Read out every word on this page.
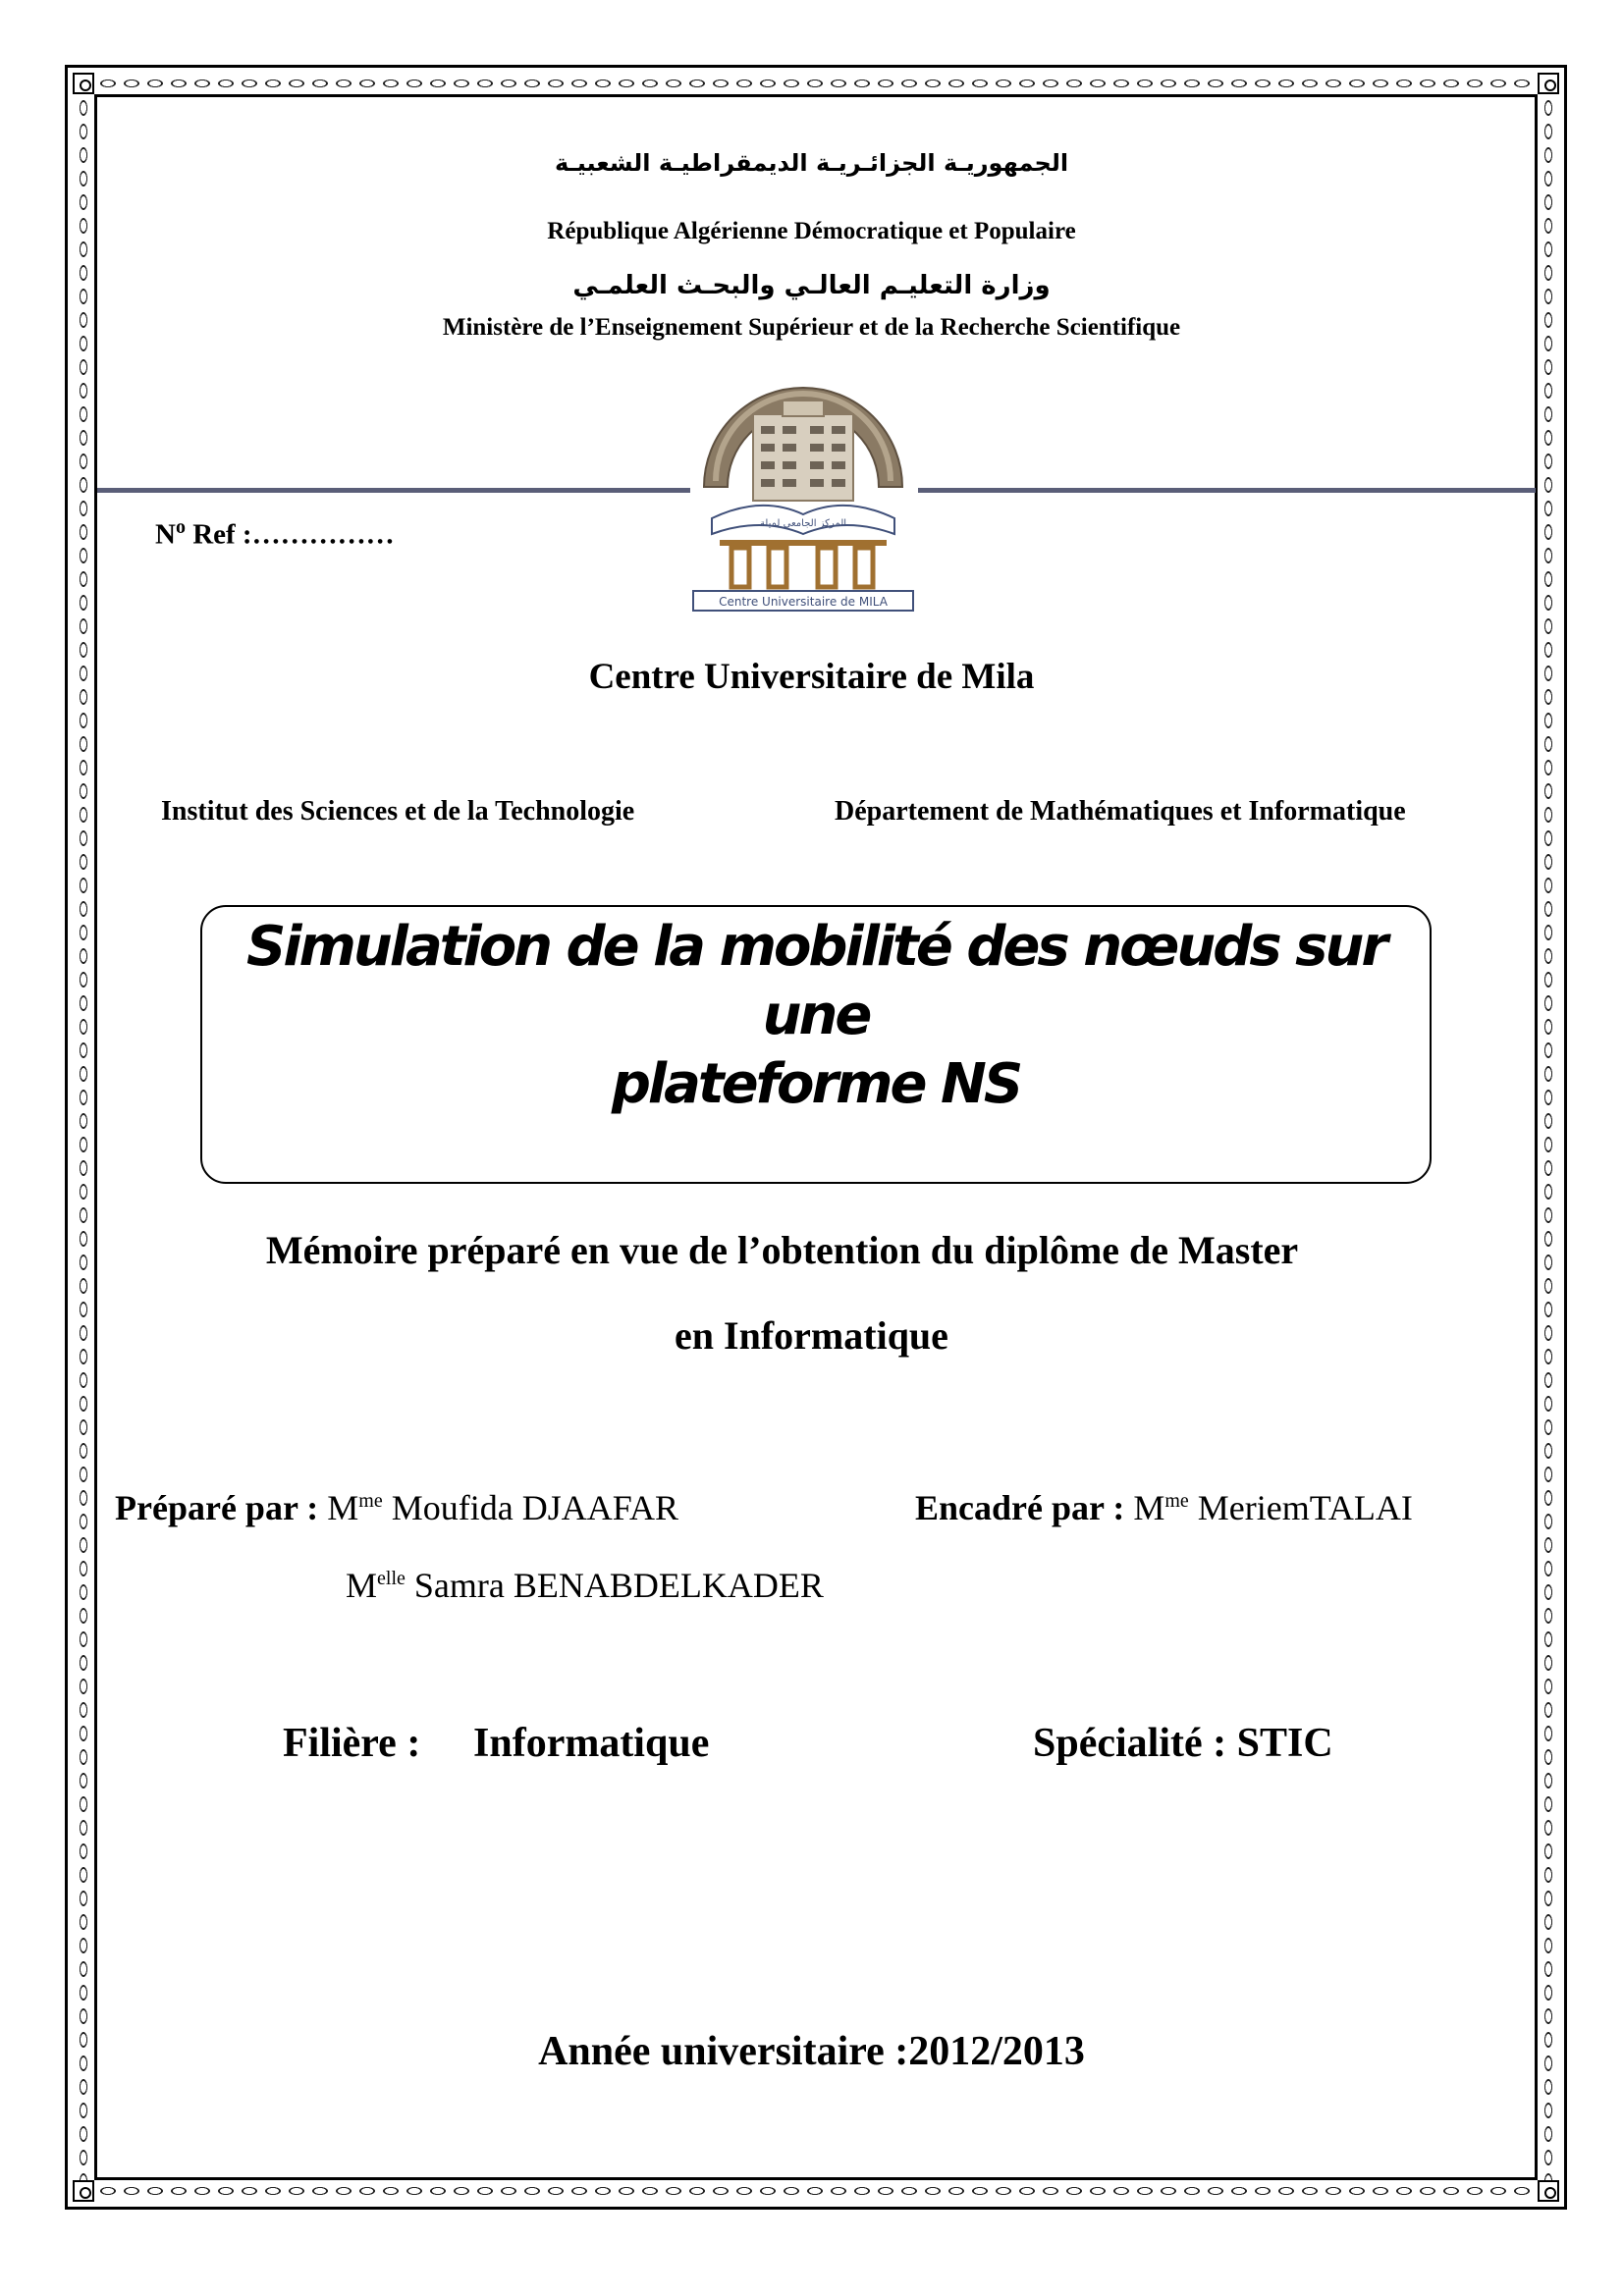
الجمهوريـة الجزائـريـة الديمقراطيـة الشعبيـة
République Algérienne Démocratique et Populaire
وزارة التعليـم العالـي والبحـث العلمـي
Ministère de l’Enseignement Supérieur et de la Recherche Scientifique
$N^o$ Ref :……………	المركز الجامعي لميلة
Centre Universitaire de MILA
Centre Universitaire de Mila
Institut des Sciences et de la Technologie	Département de Mathématiques et Informatique
Simulation de la mobilité des nœuds sur une
plateforme NS
Mémoire préparé en vue de l’obtention du diplôme de Master
en Informatique
Préparé par : $M^{me}$ Moufida DJAAFAR
$M^{elle}$ Samra BENABDELKADER
Encadré par : $M^{me}$ MeriemTALAI
Filière : Informatique	Spécialité : STIC
Année universitaire :2012/2013
